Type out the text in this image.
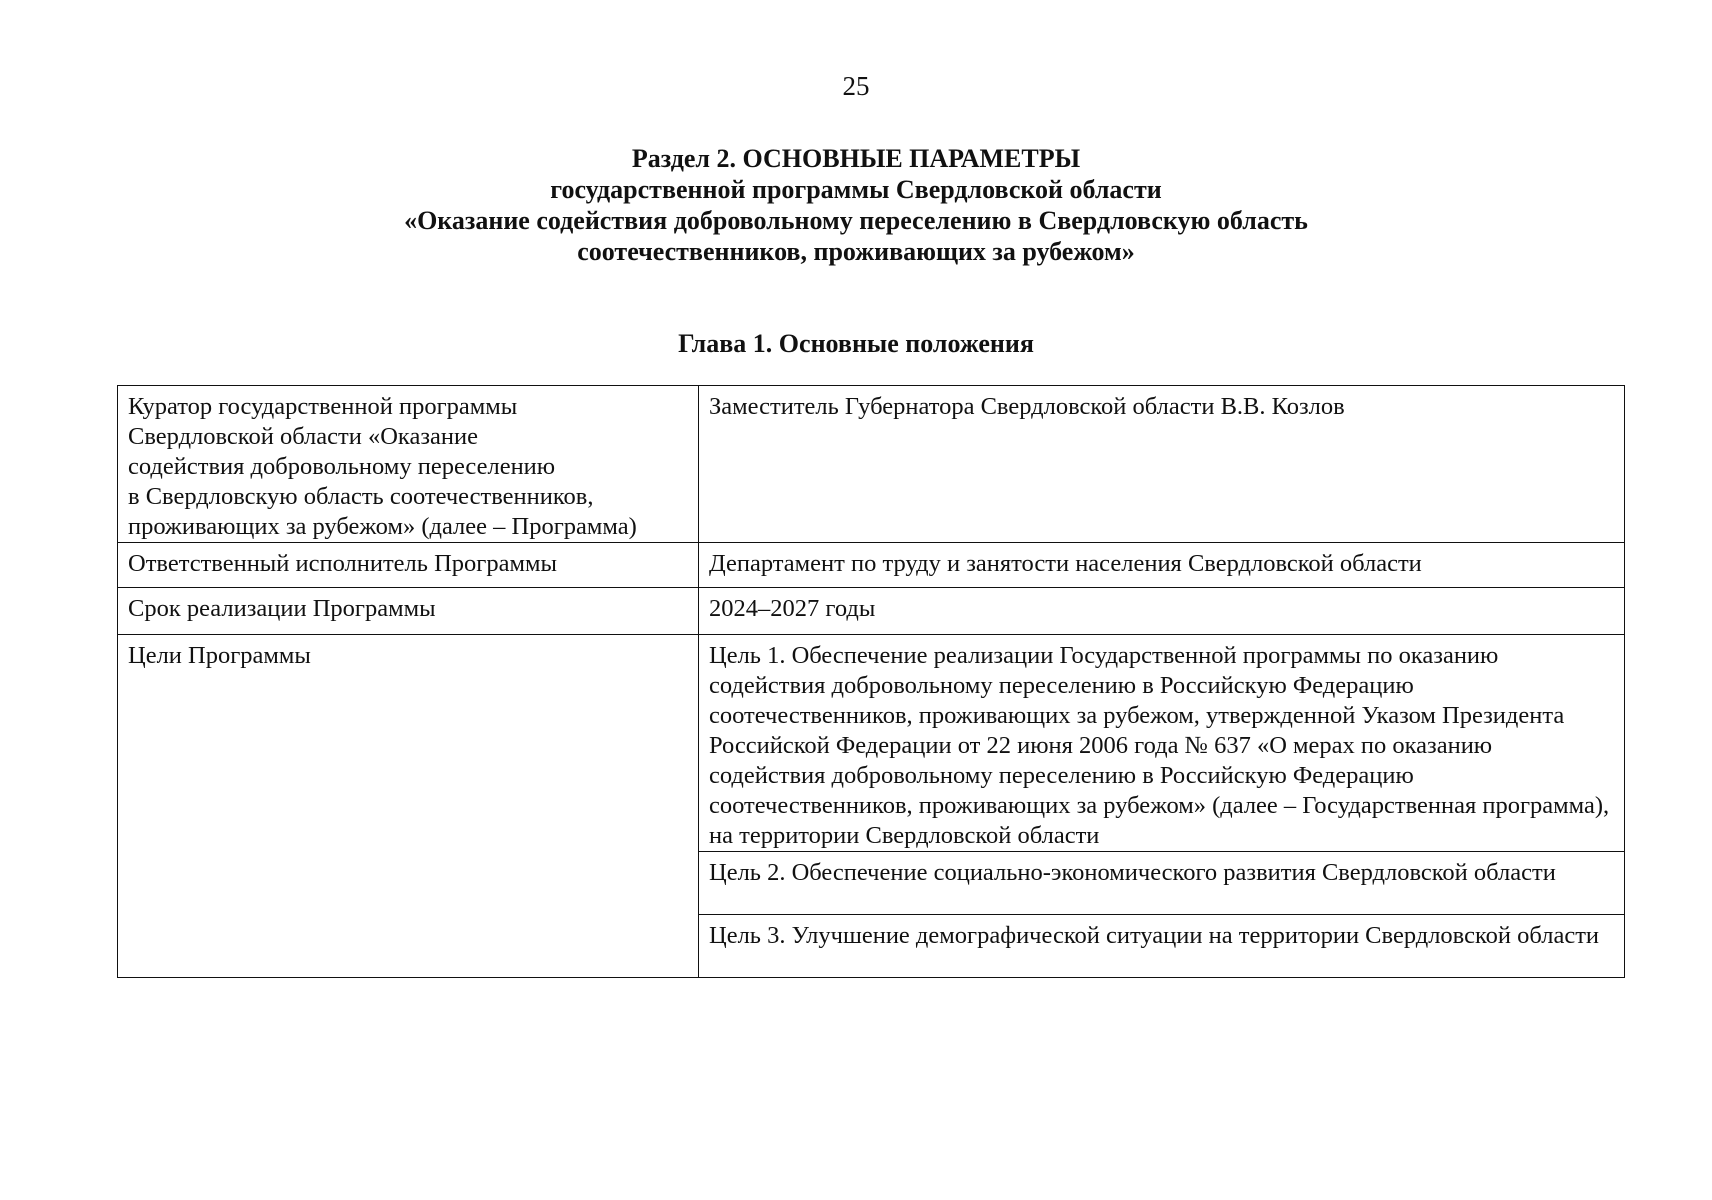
25
Раздел 2. ОСНОВНЫЕ ПАРАМЕТРЫ
государственной программы Свердловской области
«Оказание содействия добровольному переселению в Свердловскую область
соотечественников, проживающих за рубежом»
Глава 1. Основные положения
Куратор государственной программы
Свердловской области «Оказание
содействия добровольному переселению
в Свердловскую область соотечественников,
проживающих за рубежом» (далее – Программа)	Заместитель Губернатора Свердловской области В.В. Козлов
Ответственный исполнитель Программы	Департамент по труду и занятости населения Свердловской области
Срок реализации Программы	2024–2027 годы
Цели Программы	Цель 1. Обеспечение реализации Государственной программы по оказанию содействия добровольному переселению в Российскую Федерацию соотечественников, проживающих за рубежом, утвержденной Указом Президента Российской Федерации от 22 июня 2006 года № 637 «О мерах по оказанию содействия добровольному переселению в Российскую Федерацию соотечественников, проживающих за рубежом» (далее – Государственная программа), на территории Свердловской области
	Цель 2. Обеспечение социально-экономического развития Свердловской области
	Цель 3. Улучшение демографической ситуации на территории Свердловской области
